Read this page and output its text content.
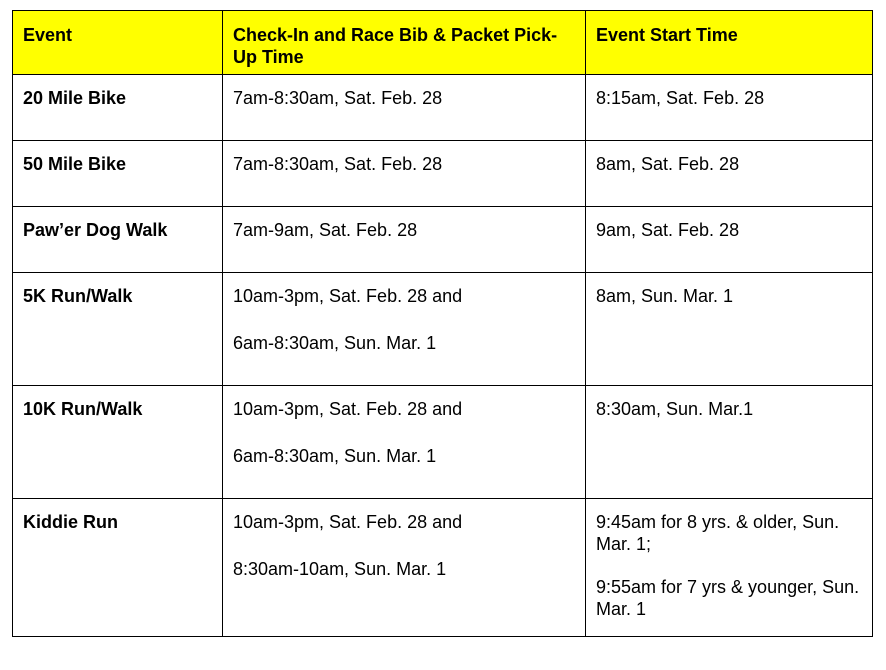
Event	Check-In and Race Bib & Packet Pick-Up Time	Event Start Time
20 Mile Bike	7am-8:30am, Sat. Feb. 28	8:15am, Sat. Feb. 28

50 Mile Bike	7am-8:30am, Sat. Feb. 28	8am, Sat. Feb. 28

Paw’er Dog Walk	7am-9am, Sat. Feb. 28	9am, Sat. Feb. 28

5K Run/Walk	10am-3pm, Sat. Feb. 28 and
6am-8:30am, Sun. Mar. 1	8am, Sun. Mar. 1

10K Run/Walk	10am-3pm, Sat. Feb. 28 and
6am-8:30am, Sun. Mar. 1	8:30am, Sun. Mar.1

Kiddie Run	10am-3pm, Sat. Feb. 28 and
8:30am-10am, Sun. Mar. 1	9:45am for 8 yrs. & older, Sun. Mar. 1;
9:55am for 7 yrs & younger, Sun. Mar. 1
